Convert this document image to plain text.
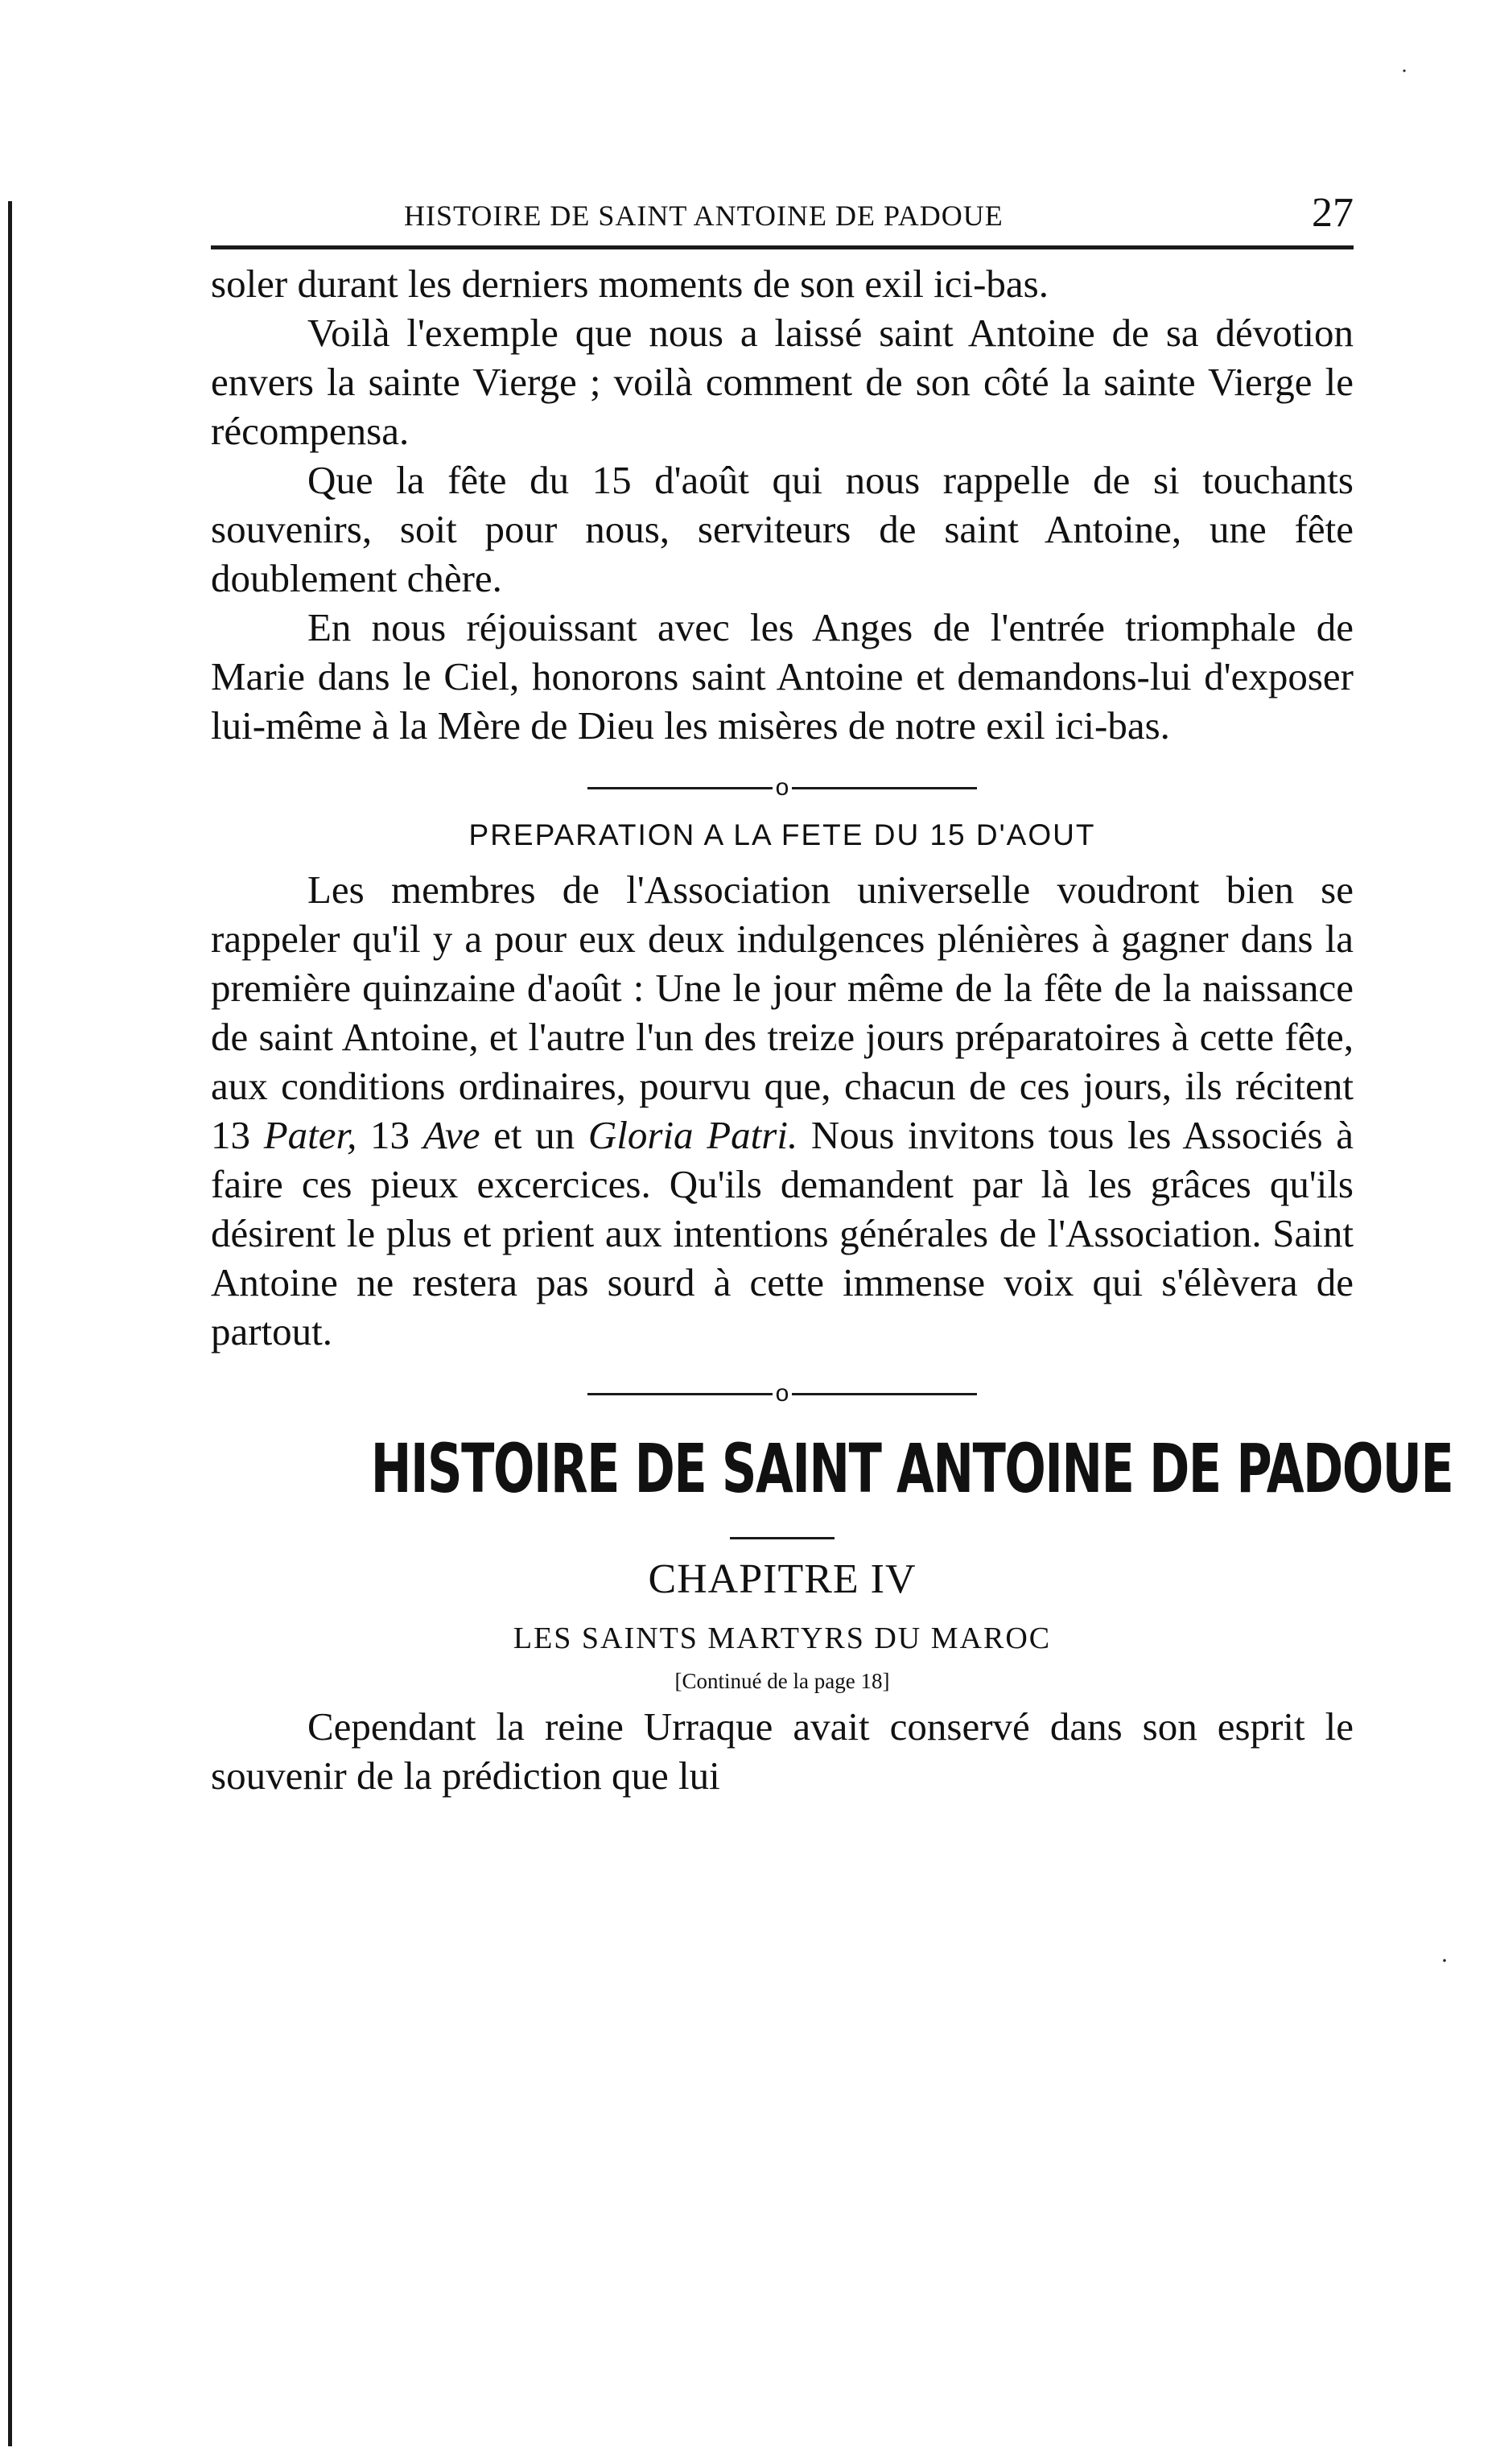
˙
·
HISTOIRE DE SAINT ANTOINE DE PADOUE	27

soler durant les derniers moments de son exil ici-bas.

Voilà l'exemple que nous a laissé saint Antoine de sa dévotion envers la sainte Vierge ; voilà comment de son côté la sainte Vierge le récompensa.

Que la fête du 15 d'août qui nous rappelle de si touchants souvenirs, soit pour nous, serviteurs de saint Antoine, une fête doublement chère.

En nous réjouissant avec les Anges de l'entrée triomphale de Marie dans le Ciel, honorons saint Antoine et demandons-lui d'exposer lui-même à la Mère de Dieu les misères de notre exil ici-bas.

o
PREPARATION A LA FETE DU 15 D'AOUT

Les membres de l'Association universelle voudront bien se rappeler qu'il y a pour eux deux indulgences plénières à gagner dans la première quinzaine d'août : Une le jour même de la fête de la naissance de saint Antoine, et l'autre l'un des treize jours préparatoires à cette fête, aux conditions ordinaires, pourvu que, chacun de ces jours, ils récitent 13 Pater, 13 Ave et un Gloria Patri. Nous invitons tous les Associés à faire ces pieux excercices. Qu'ils demandent par là les grâces qu'ils désirent le plus et prient aux intentions générales de l'Association. Saint Antoine ne restera pas sourd à cette immense voix qui s'élèvera de partout.

o
HISTOIRE DE SAINT ANTOINE DE PADOUE
CHAPITRE IV
LES SAINTS MARTYRS DU MAROC
[Continué de la page 18]

Cependant la reine Urraque avait conservé dans son esprit le souvenir de la prédiction que lui
